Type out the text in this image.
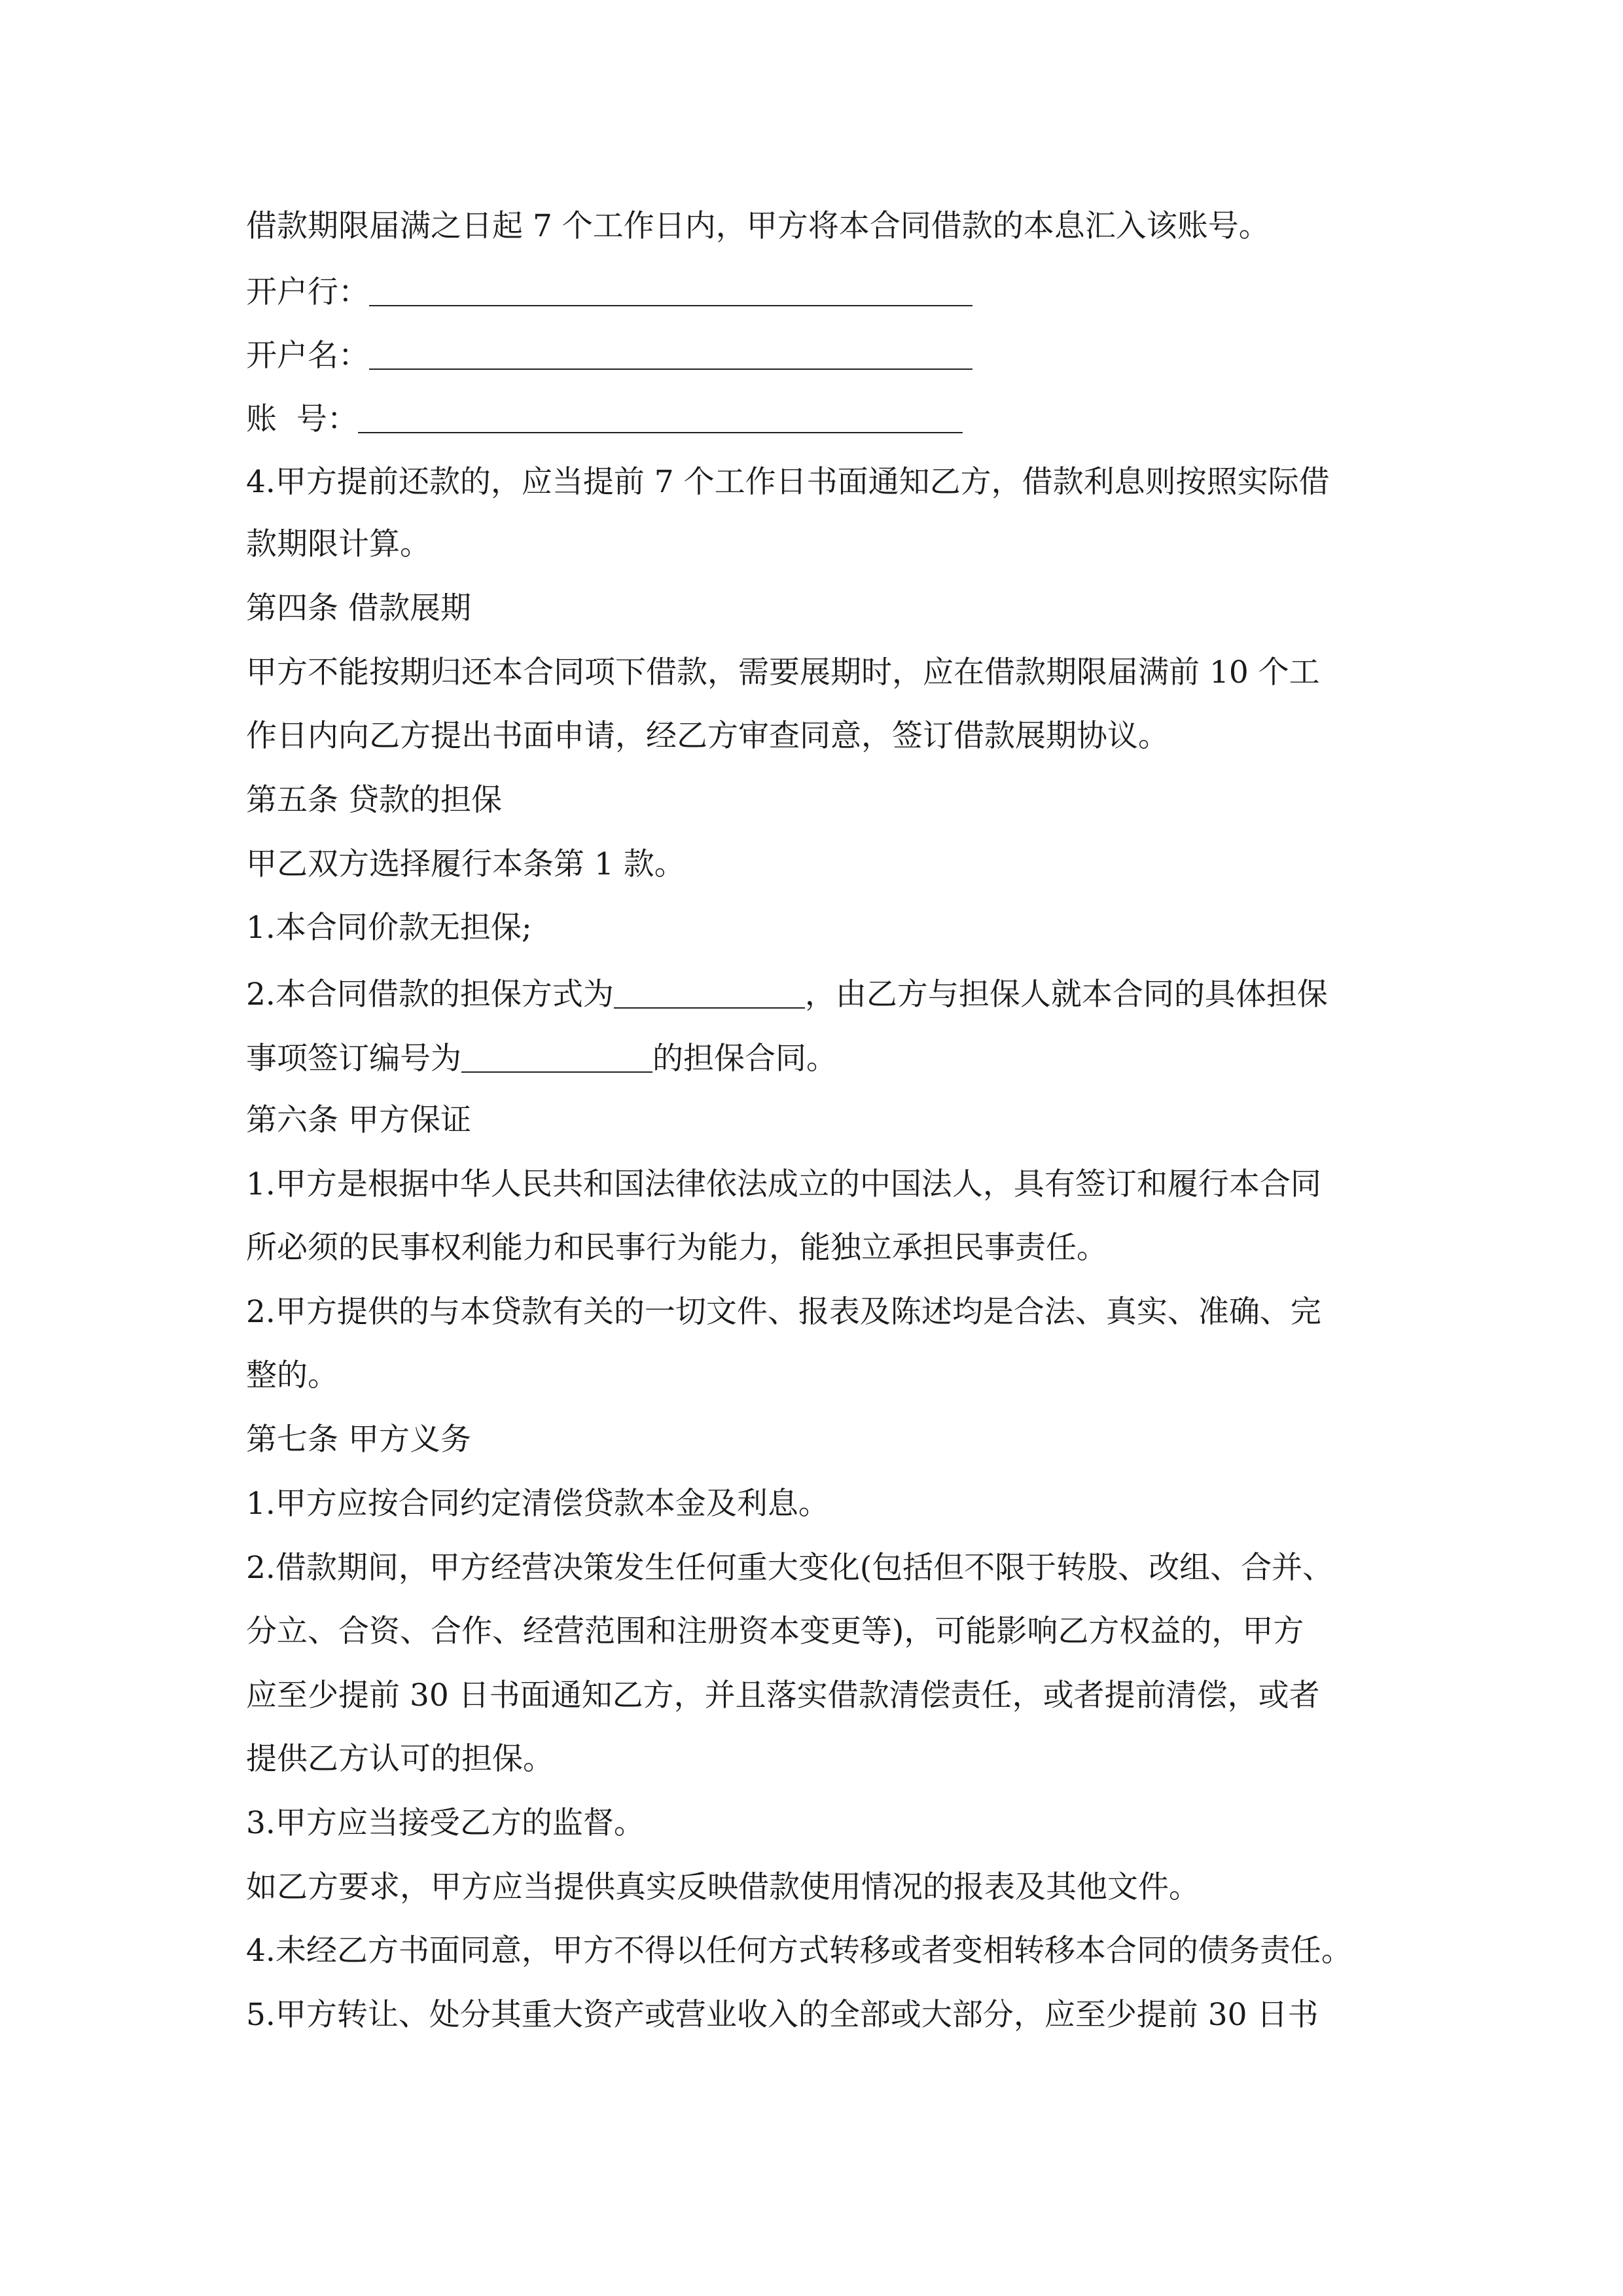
借款期限届满之日起 7 个工作日内，甲方将本合同借款的本息汇入该账号。
开户行：
开户名：
账  号：
4.甲方提前还款的，应当提前 7 个工作日书面通知乙方，借款利息则按照实际借
款期限计算。
第四条 借款展期
甲方不能按期归还本合同项下借款，需要展期时，应在借款期限届满前 10 个工
作日内向乙方提出书面申请，经乙方审查同意，签订借款展期协议。
第五条 贷款的担保
甲乙双方选择履行本条第 1 款。
1.本合同价款无担保;
2.本合同借款的担保方式为	，由乙方与担保人就本合同的具体担保
事项签订编号为	的担保合同。
第六条 甲方保证
1.甲方是根据中华人民共和国法律依法成立的中国法人，具有签订和履行本合同
所必须的民事权利能力和民事行为能力，能独立承担民事责任。
2.甲方提供的与本贷款有关的一切文件、报表及陈述均是合法、真实、准确、完
整的。
第七条 甲方义务
1.甲方应按合同约定清偿贷款本金及利息。
2.借款期间，甲方经营决策发生任何重大变化(包括但不限于转股、改组、合并、
分立、合资、合作、经营范围和注册资本变更等)，可能影响乙方权益的，甲方
应至少提前 30 日书面通知乙方，并且落实借款清偿责任，或者提前清偿，或者
提供乙方认可的担保。
3.甲方应当接受乙方的监督。
如乙方要求，甲方应当提供真实反映借款使用情况的报表及其他文件。
4.未经乙方书面同意，甲方不得以任何方式转移或者变相转移本合同的债务责任。
5.甲方转让、处分其重大资产或营业收入的全部或大部分，应至少提前 30 日书
